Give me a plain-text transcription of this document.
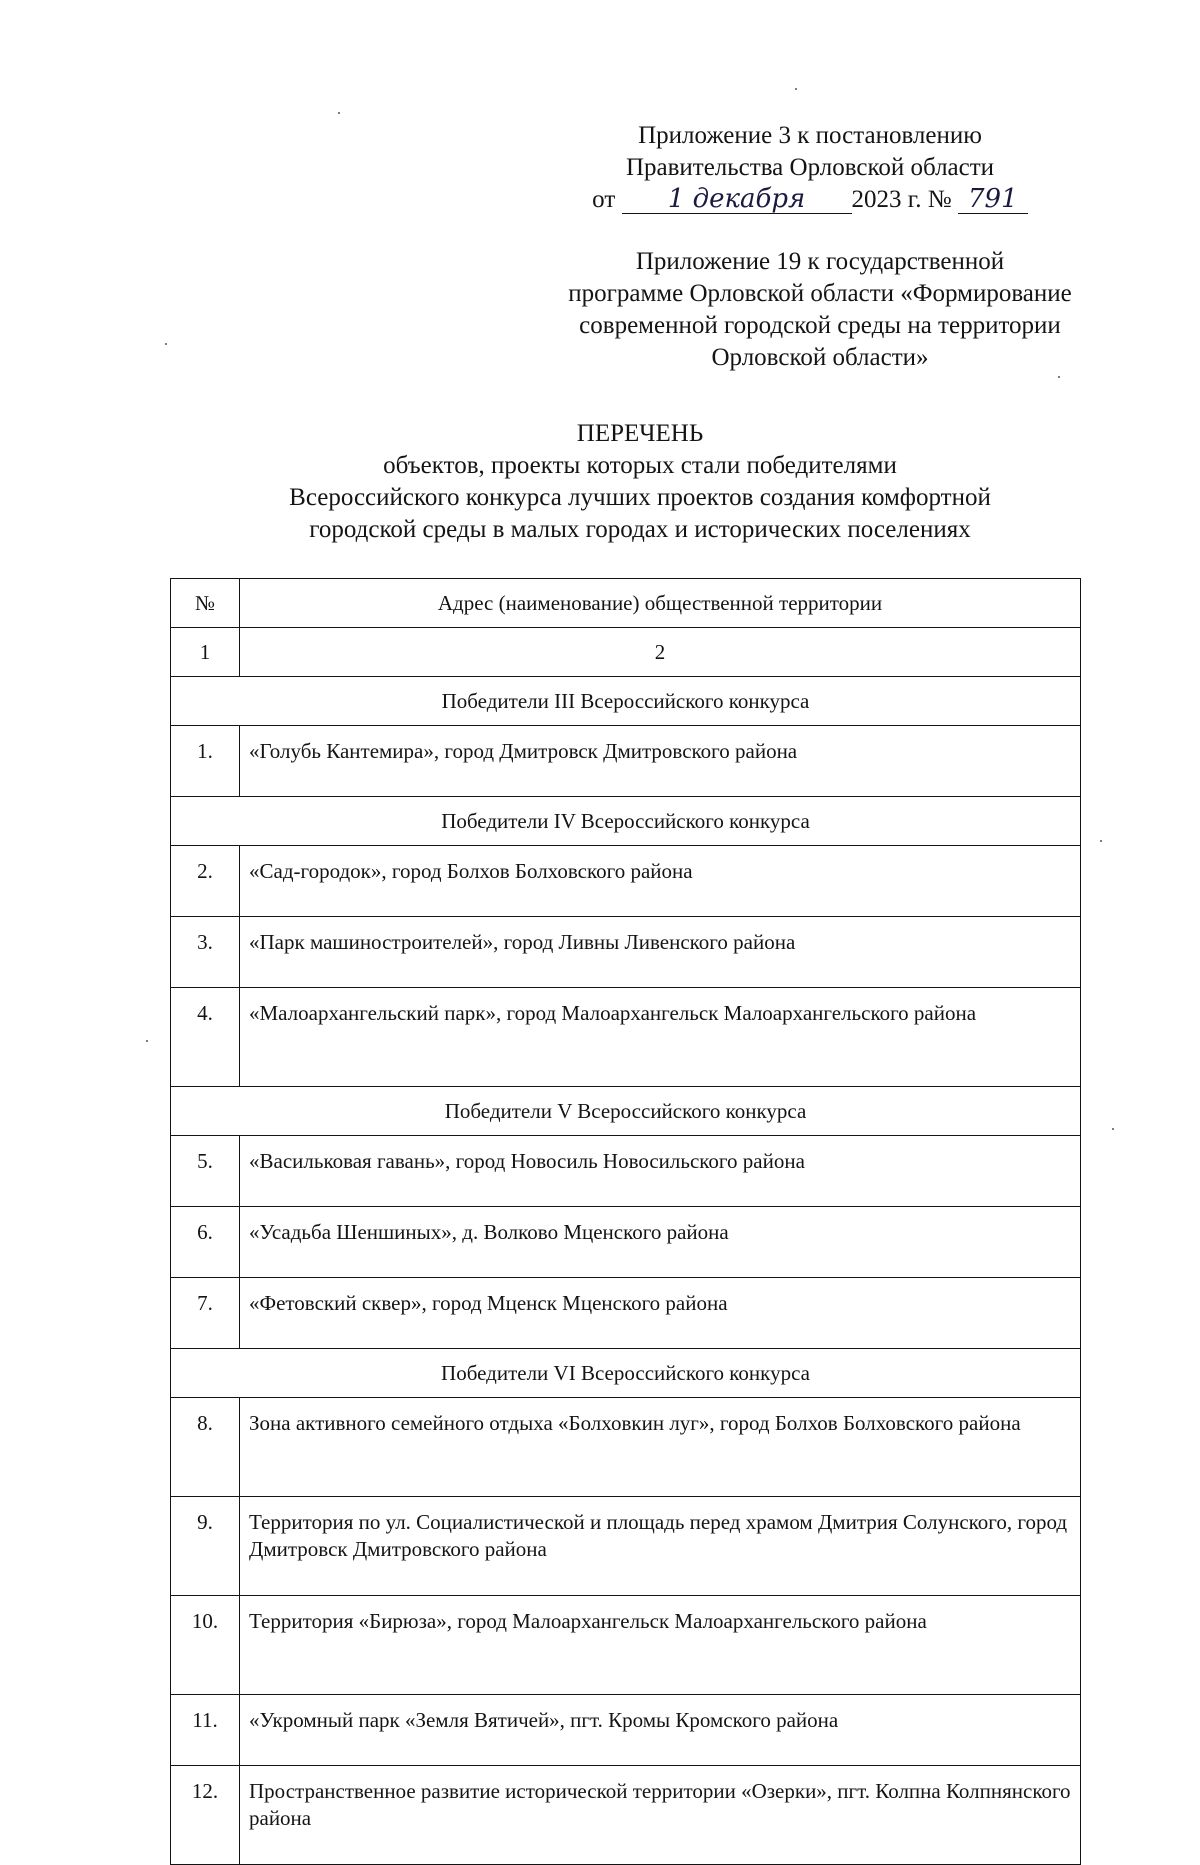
Приложение 3 к постановлению
Правительства Орловской области
от 1 декабря 2023 г. № 791
Приложение 19 к государственной
программе Орловской области «Формирование
современной городской среды на территории
Орловской области»
ПЕРЕЧЕНЬ
объектов, проекты которых стали победителями
Всероссийского конкурса лучших проектов создания комфортной
городской среды в малых городах и исторических поселениях
№	Адрес (наименование) общественной территории
1	2
Победители III Всероссийского конкурса	
1.	«Голубь Кантемира», город Дмитровск Дмитровского района
Победители IV Всероссийского конкурса	
2.	«Сад-городок», город Болхов Болховского района
3.	«Парк машиностроителей», город Ливны Ливенского района
4.	«Малоархангельский парк», город Малоархангельск Малоархангельского района
Победители V Всероссийского конкурса	
5.	«Васильковая гавань», город Новосиль Новосильского района
6.	«Усадьба Шеншиных», д. Волково Мценского района
7.	«Фетовский сквер», город Мценск Мценского района
Победители VI Всероссийского конкурса	
8.	Зона активного семейного отдыха «Болховкин луг», город Болхов Болховского района
9.	Территория по ул. Социалистической и площадь перед храмом Дмитрия Солунского, город Дмитровск Дмитровского района
10.	Территория «Бирюза», город Малоархангельск Малоархангельского района
11.	«Укромный парк «Земля Вятичей», пгт. Кромы Кромского района
12.	Пространственное развитие исторической территории «Озерки», пгт. Колпна Колпнянского района
